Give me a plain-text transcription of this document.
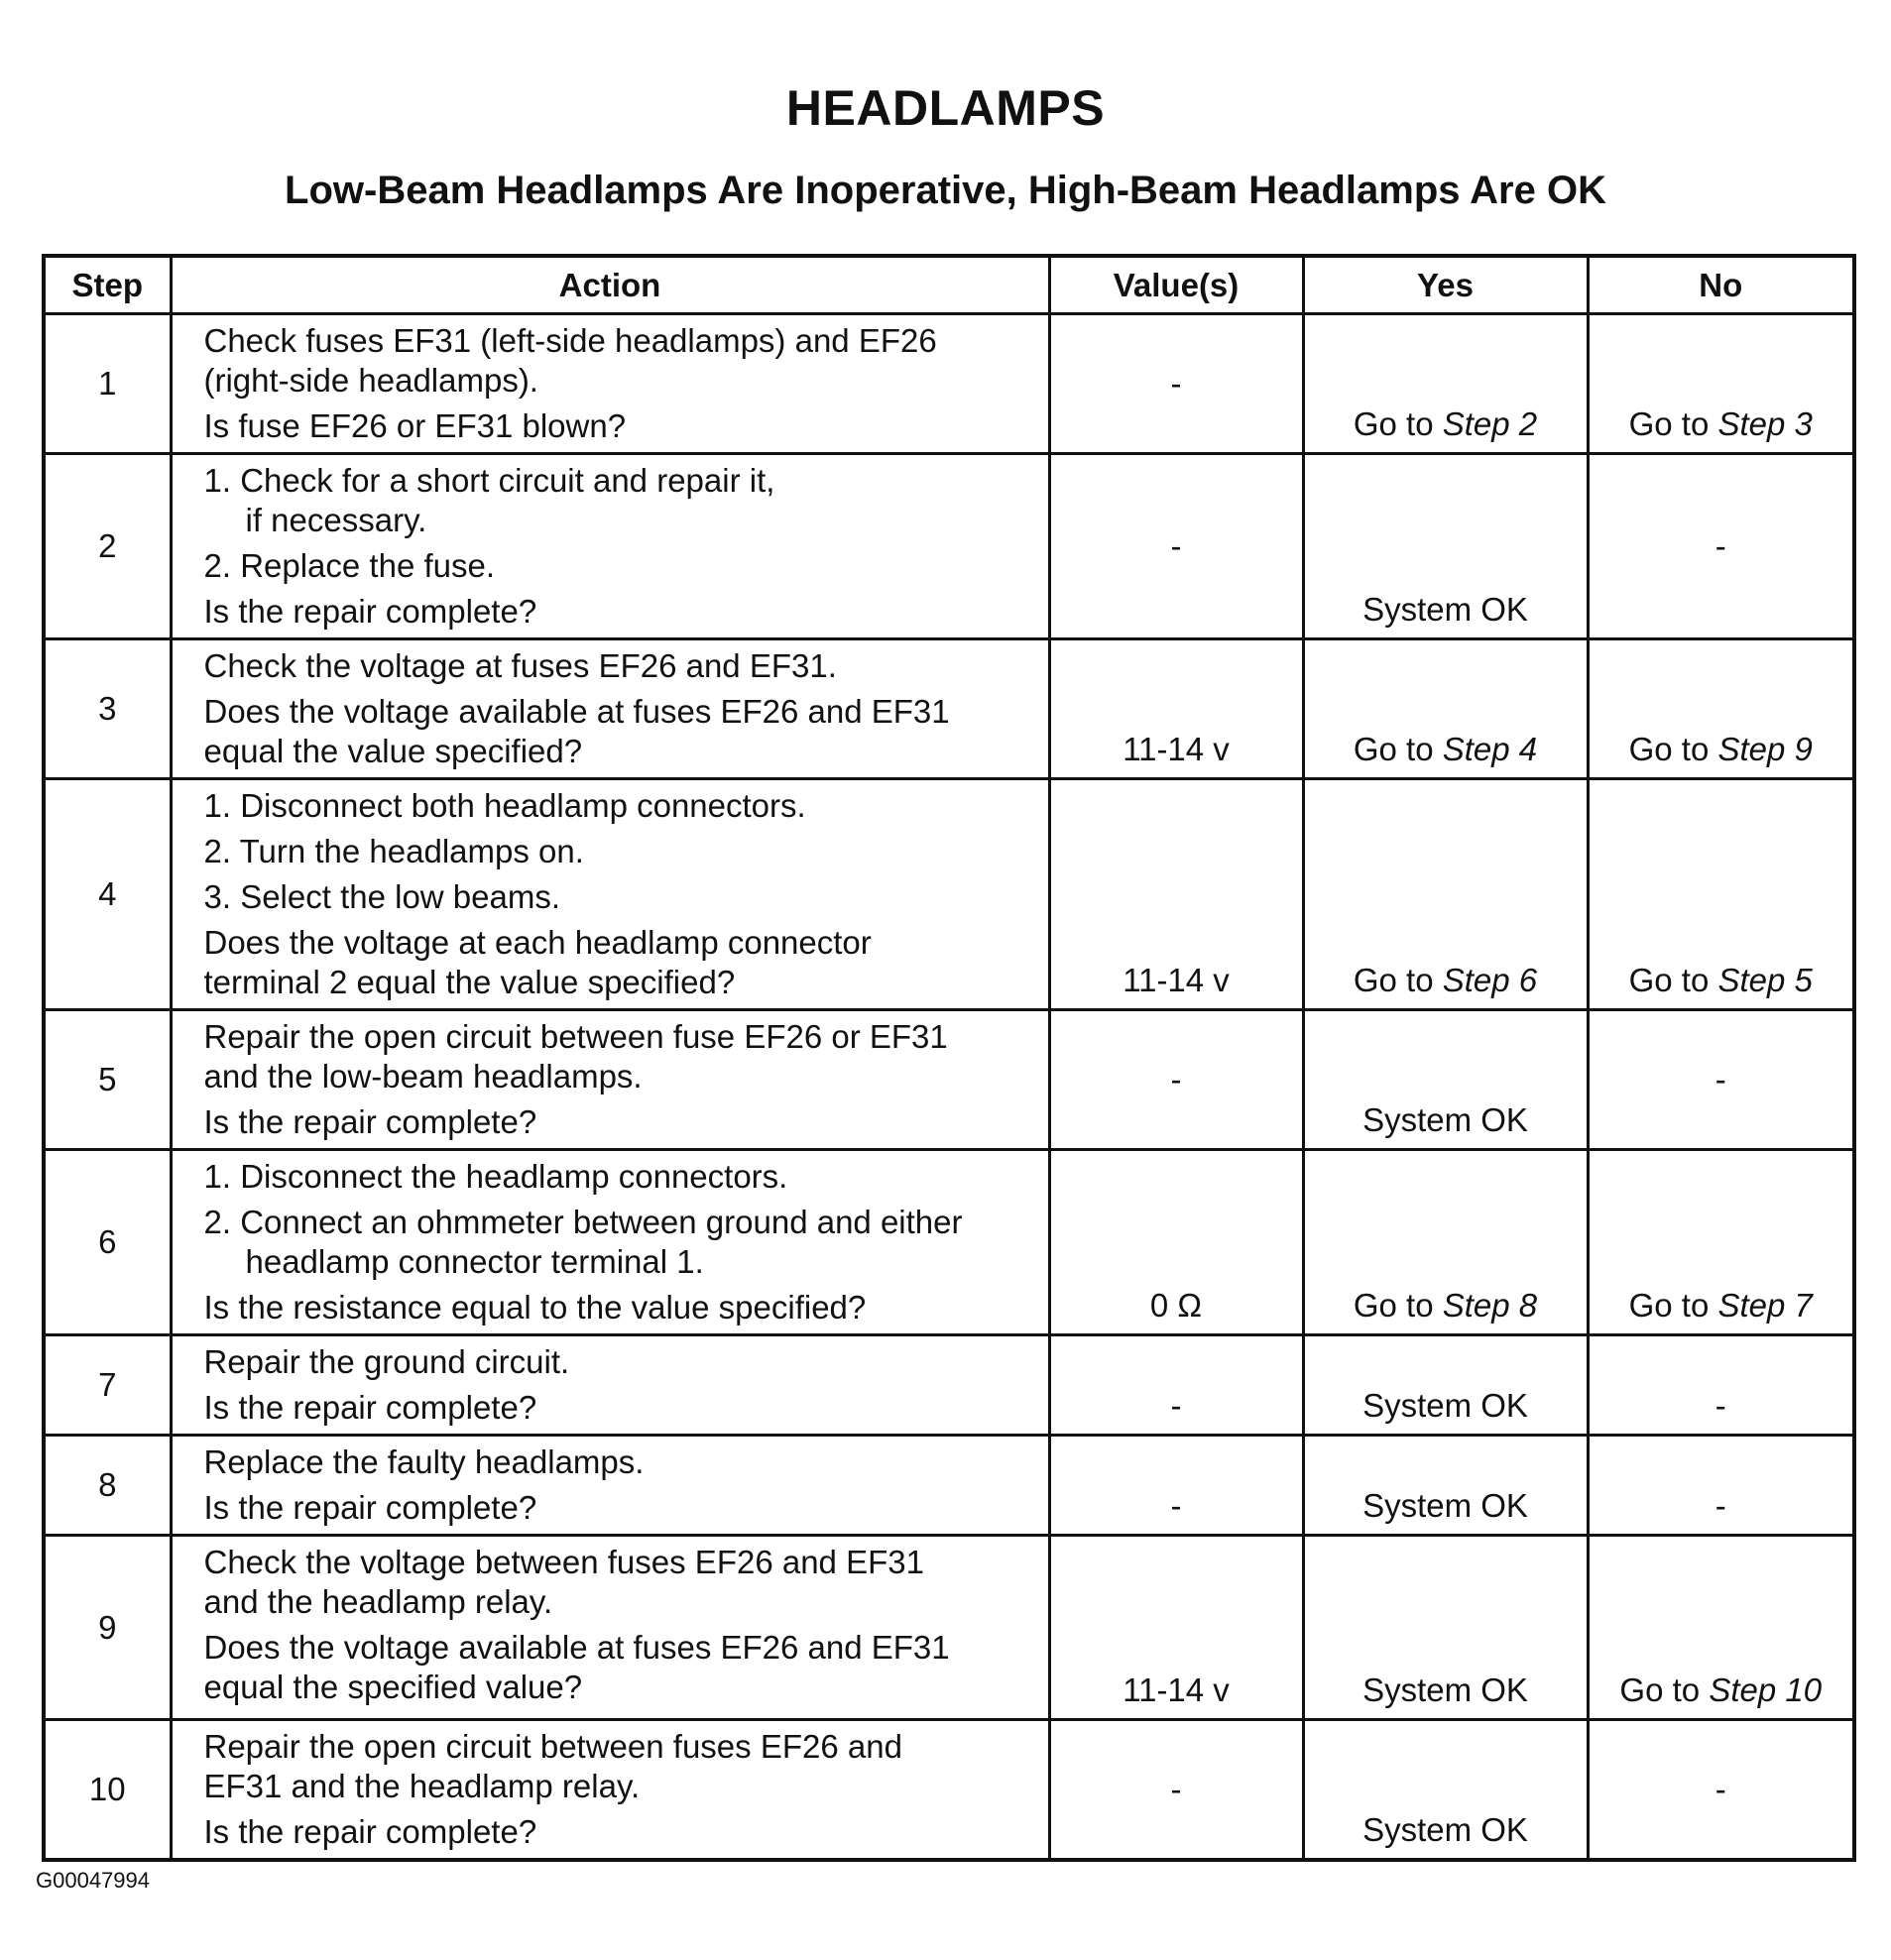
HEADLAMPS
Low-Beam Headlamps Are Inoperative, High-Beam Headlamps Are OK
Step	Action	Value(s)	Yes	No
1	Check fuses EF31 (left-side headlamps) and EF26
(right-side headlamps).
Is fuse EF26 or EF31 blown?	-	Go to Step 2	Go to Step 3
2	1. Check for a short circuit and repair it,
if necessary.
2. Replace the fuse.
Is the repair complete?	-	System OK	-
3	Check the voltage at fuses EF26 and EF31.
Does the voltage available at fuses EF26 and EF31
equal the value specified?	11-14 v	Go to Step 4	Go to Step 9
4	1. Disconnect both headlamp connectors.
2. Turn the headlamps on.
3. Select the low beams.
Does the voltage at each headlamp connector
terminal 2 equal the value specified?	11-14 v	Go to Step 6	Go to Step 5
5	Repair the open circuit between fuse EF26 or EF31
and the low-beam headlamps.
Is the repair complete?	-	System OK	-
6	1. Disconnect the headlamp connectors.
2. Connect an ohmmeter between ground and either
headlamp connector terminal 1.
Is the resistance equal to the value specified?	0 Ω	Go to Step 8	Go to Step 7
7	Repair the ground circuit.
Is the repair complete?	-	System OK	-
8	Replace the faulty headlamps.
Is the repair complete?	-	System OK	-
9	Check the voltage between fuses EF26 and EF31
and the headlamp relay.
Does the voltage available at fuses EF26 and EF31
equal the specified value?	11-14 v	System OK	Go to Step 10
10	Repair the open circuit between fuses EF26 and
EF31 and the headlamp relay.
Is the repair complete?	-	System OK	-
G00047994
